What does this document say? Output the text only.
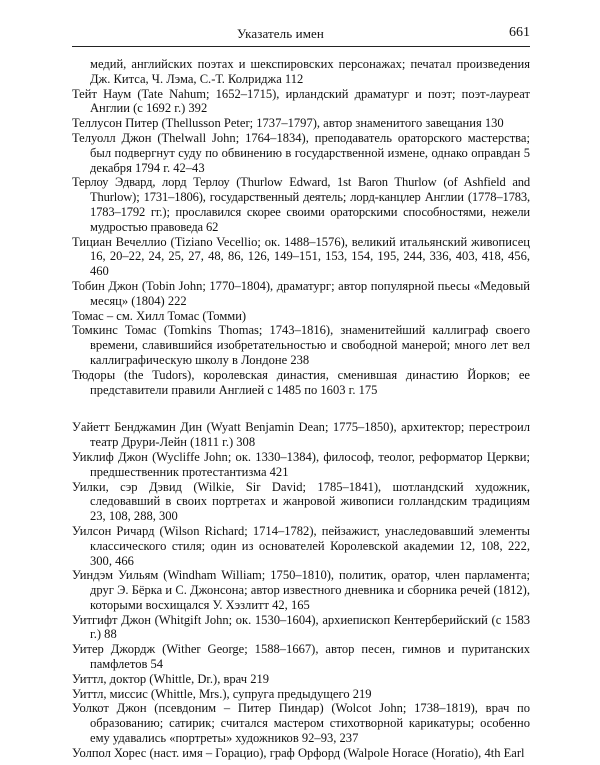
Указатель имен	661

медий, английских поэтах и шекспировских персонажах; печатал произведения Дж. Китса, Ч. Лэма, С.-Т. Колриджа 112

Тейт Наум (Tate Nahum; 1652–1715), ирландский драматург и поэт; поэт-лауреат Англии (с 1692 г.) 392

Теллусон Питер (Thellusson Peter; 1737–1797), автор знаменитого завещания 130

Телуолл Джон (Thelwall John; 1764–1834), преподаватель ораторского мастерства; был подвергнут суду по обвинению в государственной измене, однако оправдан 5 декабря 1794 г. 42–43

Терлоу Эдвард, лорд Терлоу (Thurlow Edward, 1st Baron Thurlow (of Ashfield and Thurlow); 1731–1806), государственный деятель; лорд-канцлер Англии (1778–1783, 1783–1792 гг.); прославился скорее своими ораторскими способностями, нежели мудростью правоведа 62

Тициан Вечеллио (Tiziano Vecellio; ок. 1488–1576), великий итальянский живописец 16, 20–22, 24, 25, 27, 48, 86, 126, 149–151, 153, 154, 195, 244, 336, 403, 418, 456, 460

Тобин Джон (Tobin John; 1770–1804), драматург; автор популярной пьесы «Медовый месяц» (1804) 222

Томас – см. Хилл Томас (Томми)

Томкинс Томас (Tomkins Thomas; 1743–1816), знаменитейший каллиграф своего времени, славившийся изобретательностью и свободной манерой; много лет вел каллиграфическую школу в Лондоне 238

Тюдоры (the Tudors), королевская династия, сменившая династию Йорков; ее представители правили Англией с 1485 по 1603 г. 175

Уайетт Бенджамин Дин (Wyatt Benjamin Dean; 1775–1850), архитектор; перестроил театр Друри-Лейн (1811 г.) 308

Уиклиф Джон (Wycliffe John; ок. 1330–1384), философ, теолог, реформатор Церкви; предшественник протестантизма 421

Уилки, сэр Дэвид (Wilkie, Sir David; 1785–1841), шотландский художник, следовавший в своих портретах и жанровой живописи голландским традициям 23, 108, 288, 300

Уилсон Ричард (Wilson Richard; 1714–1782), пейзажист, унаследовавший элементы классического стиля; один из основателей Королевской академии 12, 108, 222, 300, 466

Уиндэм Уильям (Windham William; 1750–1810), политик, оратор, член парламента; друг Э. Бёрка и С. Джонсона; автор известного дневника и сборника речей (1812), которыми восхищался У. Хэзлитт 42, 165

Уитгифт Джон (Whitgift John; ок. 1530–1604), архиепископ Кентерберийский (с 1583 г.) 88

Уитер Джордж (Wither George; 1588–1667), автор песен, гимнов и пуританских памфлетов 54

Уиттл, доктор (Whittle, Dr.), врач 219

Уиттл, миссис (Whittle, Mrs.), супруга предыдущего 219

Уолкот Джон (псевдоним – Питер Пиндар) (Wolcot John; 1738–1819), врач по образованию; сатирик; считался мастером стихотворной карикатуры; особенно ему удавались «портреты» художников 92–93, 237

Уолпол Хорес (наст. имя – Горацио), граф Орфорд (Walpole Horace (Horatio), 4th Earl
